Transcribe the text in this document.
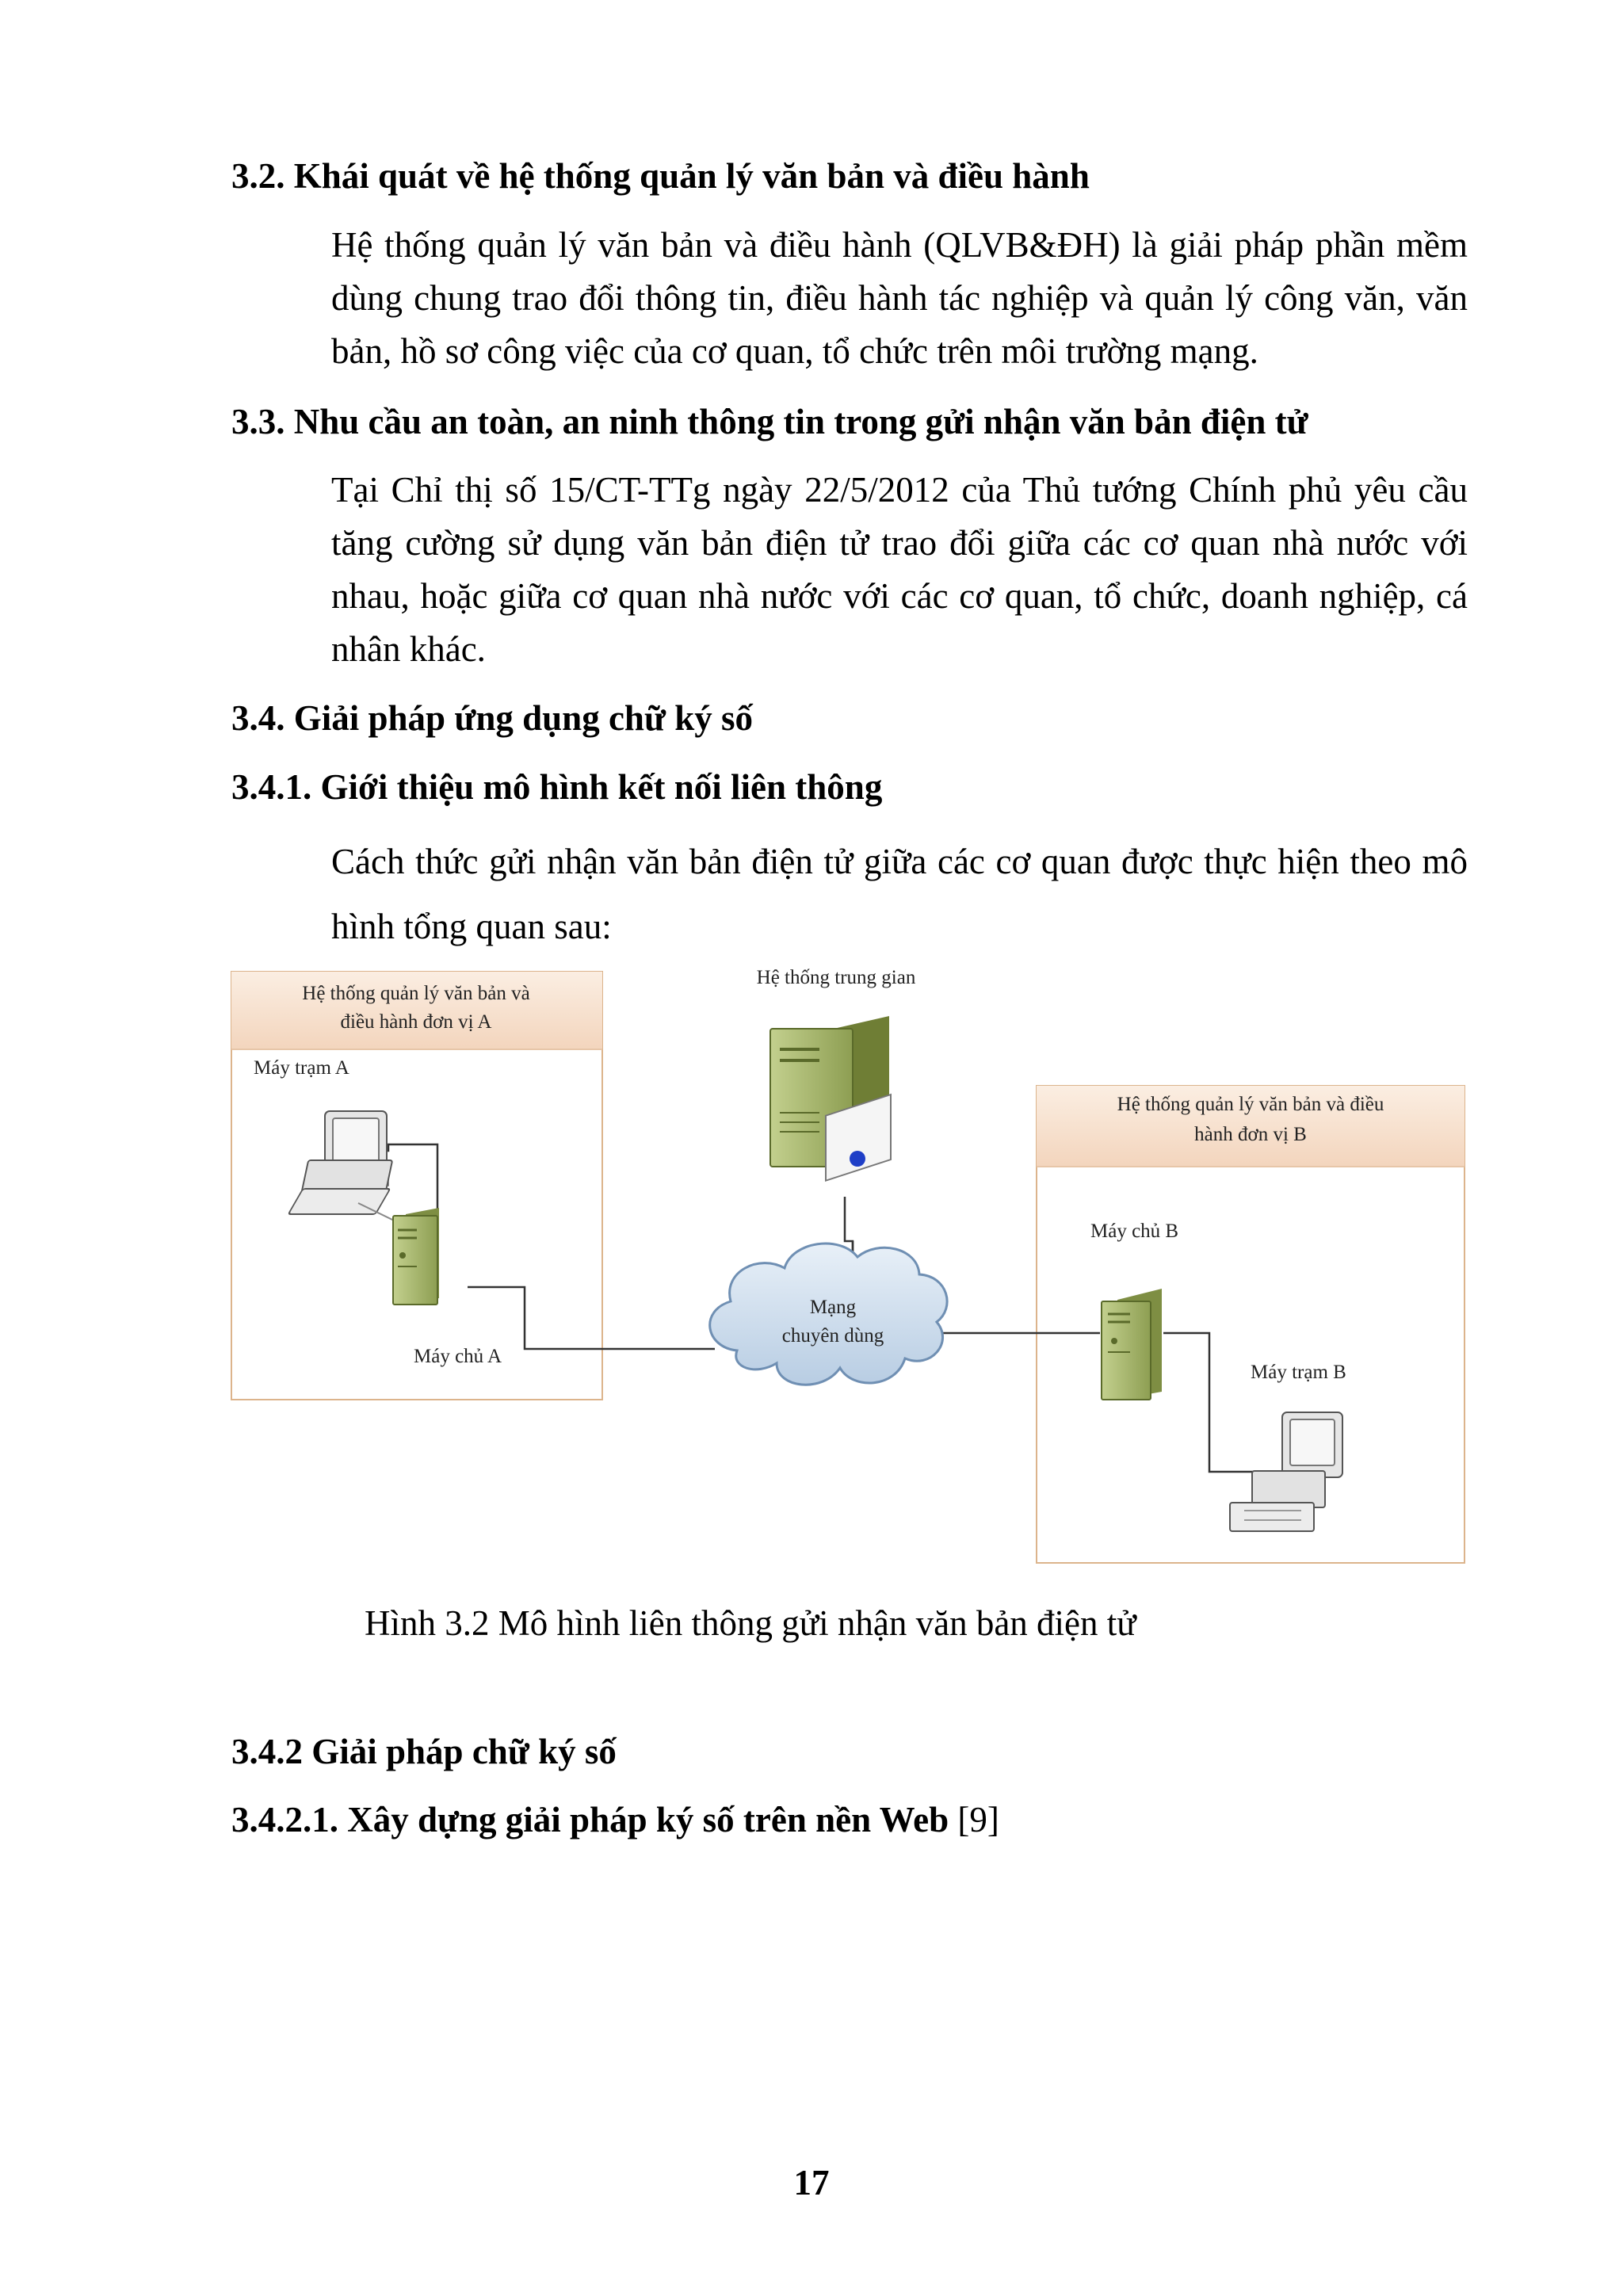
3.2. Khái quát về hệ thống quản lý văn bản và điều hành
Hệ thống quản lý văn bản và điều hành (QLVB&ĐH) là giải pháp phần mềm dùng chung trao đổi thông tin, điều hành tác nghiệp và quản lý công văn, văn bản, hồ sơ công việc của cơ quan, tổ chức trên môi trường mạng.
3.3. Nhu cầu an toàn, an ninh thông tin trong gửi nhận văn bản điện tử
Tại Chỉ thị số 15/CT-TTg ngày 22/5/2012 của Thủ tướng Chính phủ yêu cầu tăng cường sử dụng văn bản điện tử trao đổi giữa các cơ quan nhà nước với nhau, hoặc giữa cơ quan nhà nước với các cơ quan, tổ chức, doanh nghiệp, cá nhân khác.
3.4. Giải pháp ứng dụng chữ ký số
3.4.1. Giới thiệu mô hình kết nối liên thông
Cách thức gửi nhận văn bản điện tử giữa các cơ quan được thực hiện theo mô hình tổng quan sau:
Hệ thống quản lý văn bản và
điều hành đơn vị A
Máy trạm A
Máy chủ A
Hệ thống trung gian
Mạng
chuyên dùng
Hệ thống quản lý văn bản và điều
hành đơn vị B
Máy chủ B
Máy trạm B
Hình 3.2 Mô hình liên thông gửi nhận văn bản điện tử
3.4.2 Giải pháp chữ ký số
3.4.2.1. Xây dựng giải pháp ký số trên nền Web [9]
17
